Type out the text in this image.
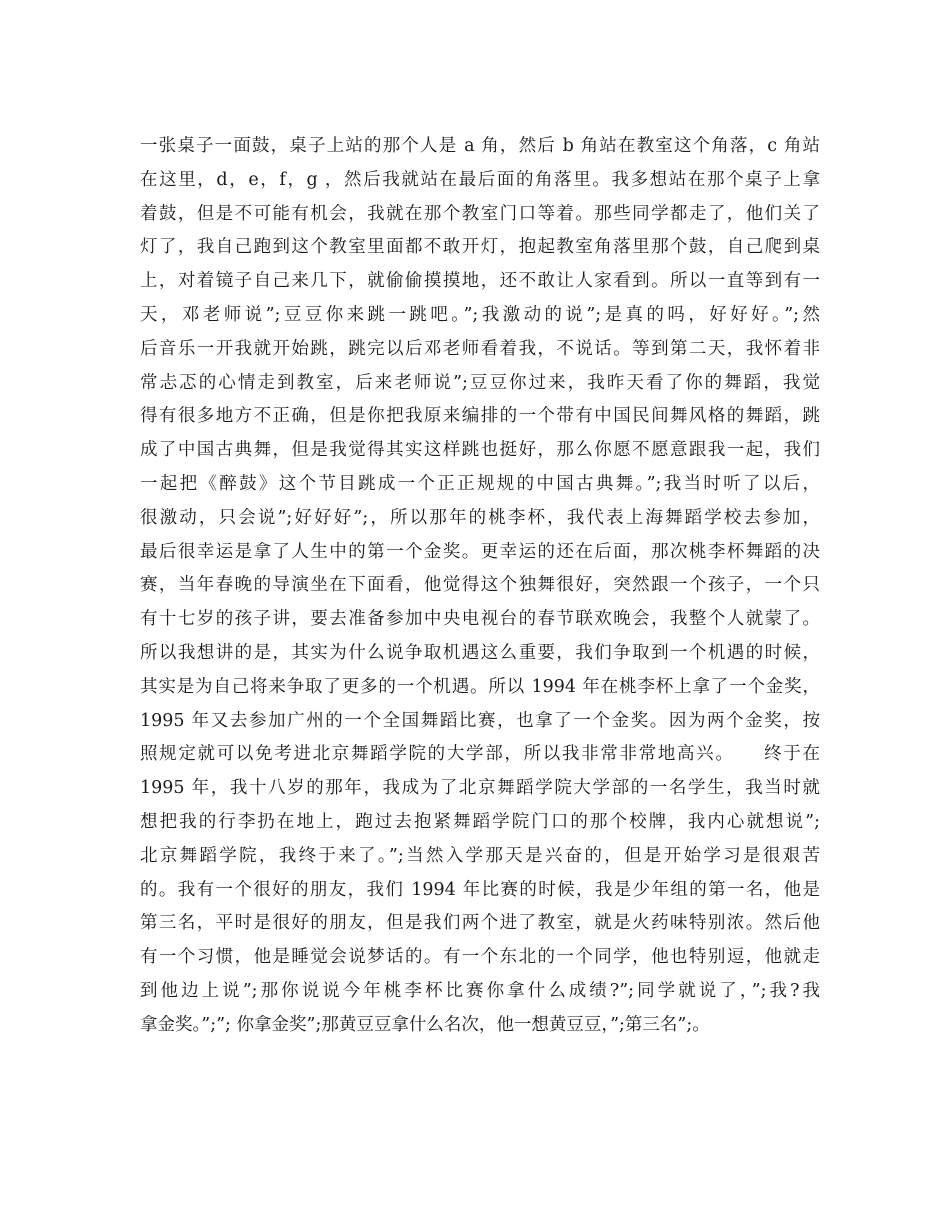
一张桌子一面鼓，桌子上站的那个人是 a 角，然后 b 角站在教室这个角落，c 角站
在这里，d，e，f，g ，然后我就站在最后面的角落里。我多想站在那个桌子上拿
着鼓，但是不可能有机会，我就在那个教室门口等着。那些同学都走了，他们关了
灯了，我自己跑到这个教室里面都不敢开灯，抱起教室角落里那个鼓，自己爬到桌
上，对着镜子自己来几下，就偷偷摸摸地，还不敢让人家看到。所以一直等到有一
天，邓老师说”;豆豆你来跳一跳吧。”;我激动的说”;是真的吗，好好好。”;然
后音乐一开我就开始跳，跳完以后邓老师看着我，不说话。等到第二天，我怀着非
常忐忑的心情走到教室，后来老师说”;豆豆你过来，我昨天看了你的舞蹈，我觉
得有很多地方不正确，但是你把我原来编排的一个带有中国民间舞风格的舞蹈，跳
成了中国古典舞，但是我觉得其实这样跳也挺好，那么你愿不愿意跟我一起，我们
一起把《醉鼓》这个节目跳成一个正正规规的中国古典舞。”;我当时听了以后，
很激动，只会说”;好好好”;，所以那年的桃李杯，我代表上海舞蹈学校去参加，
最后很幸运是拿了人生中的第一个金奖。更幸运的还在后面，那次桃李杯舞蹈的决
赛，当年春晚的导演坐在下面看，他觉得这个独舞很好，突然跟一个孩子，一个只
有十七岁的孩子讲，要去准备参加中央电视台的春节联欢晚会，我整个人就蒙了。
所以我想讲的是，其实为什么说争取机遇这么重要，我们争取到一个机遇的时候，
其实是为自己将来争取了更多的一个机遇。所以 1994 年在桃李杯上拿了一个金奖，
1995 年又去参加广州的一个全国舞蹈比赛，也拿了一个金奖。因为两个金奖，按
照规定就可以免考进北京舞蹈学院的大学部，所以我非常非常地高兴。　　终于在
1995 年，我十八岁的那年，我成为了北京舞蹈学院大学部的一名学生，我当时就
想把我的行李扔在地上，跑过去抱紧舞蹈学院门口的那个校牌，我内心就想说”;
北京舞蹈学院，我终于来了。”;当然入学那天是兴奋的，但是开始学习是很艰苦
的。我有一个很好的朋友，我们 1994 年比赛的时候，我是少年组的第一名，他是
第三名，平时是很好的朋友，但是我们两个进了教室，就是火药味特别浓。然后他
有一个习惯，他是睡觉会说梦话的。有一个东北的一个同学，他也特别逗，他就走
到他边上说”;那你说说今年桃李杯比赛你拿什么成绩?”;同学就说了，”;我?我
拿金奖。”;”; 你拿金奖”;那黄豆豆拿什么名次，他一想黄豆豆，”;第三名”;。
